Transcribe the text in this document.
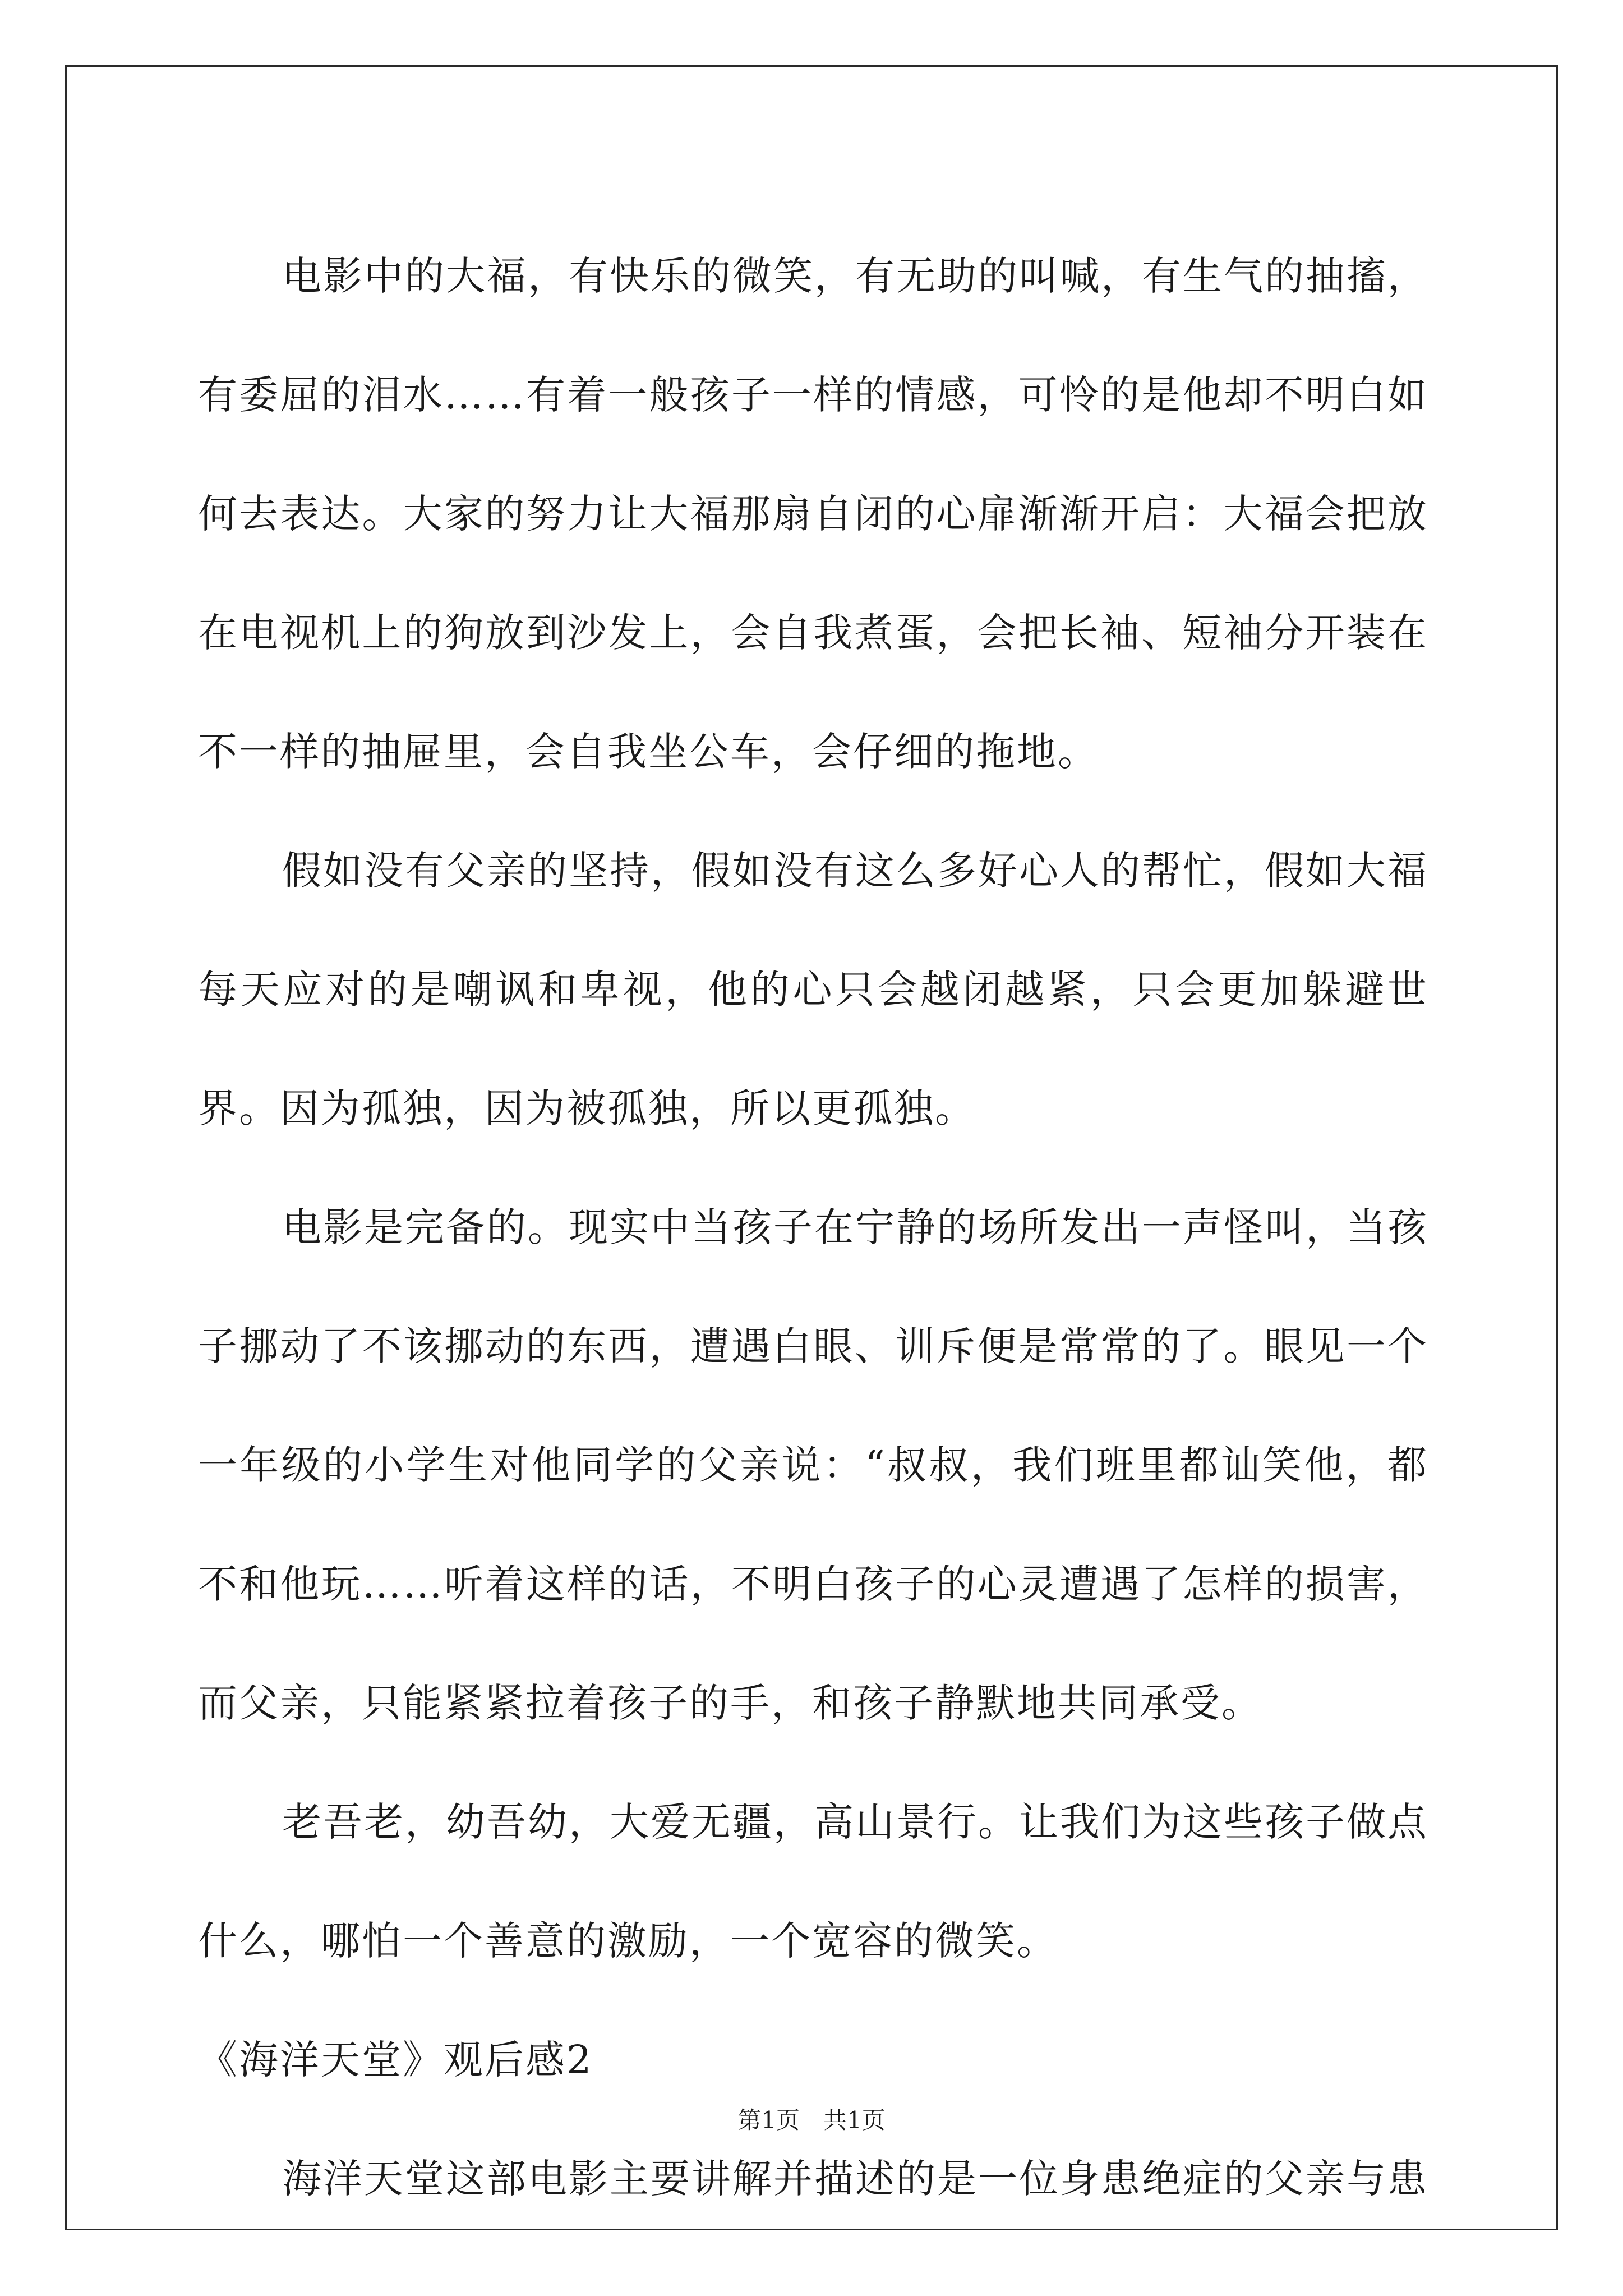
电影中的大福，有快乐的微笑，有无助的叫喊，有生气的抽搐，有委屈的泪水……有着一般孩子一样的情感，可怜的是他却不明白如何去表达。大家的努力让大福那扇自闭的心扉渐渐开启：大福会把放在电视机上的狗放到沙发上，会自我煮蛋，会把长袖、短袖分开装在不一样的抽屉里，会自我坐公车，会仔细的拖地。

假如没有父亲的坚持，假如没有这么多好心人的帮忙，假如大福每天应对的是嘲讽和卑视，他的心只会越闭越紧，只会更加躲避世界。因为孤独，因为被孤独，所以更孤独。

电影是完备的。现实中当孩子在宁静的场所发出一声怪叫，当孩子挪动了不该挪动的东西，遭遇白眼、训斥便是常常的了。眼见一个一年级的小学生对他同学的父亲说：“叔叔，我们班里都讪笑他，都不和他玩……听着这样的话，不明白孩子的心灵遭遇了怎样的损害，而父亲，只能紧紧拉着孩子的手，和孩子静默地共同承受。

老吾老，幼吾幼，大爱无疆，高山景行。让我们为这些孩子做点什么，哪怕一个善意的激励，一个宽容的微笑。

《海洋天堂》观后感2

海洋天堂这部电影主要讲解并描述的是一位身患绝症的父亲与患

第1页　共1页
